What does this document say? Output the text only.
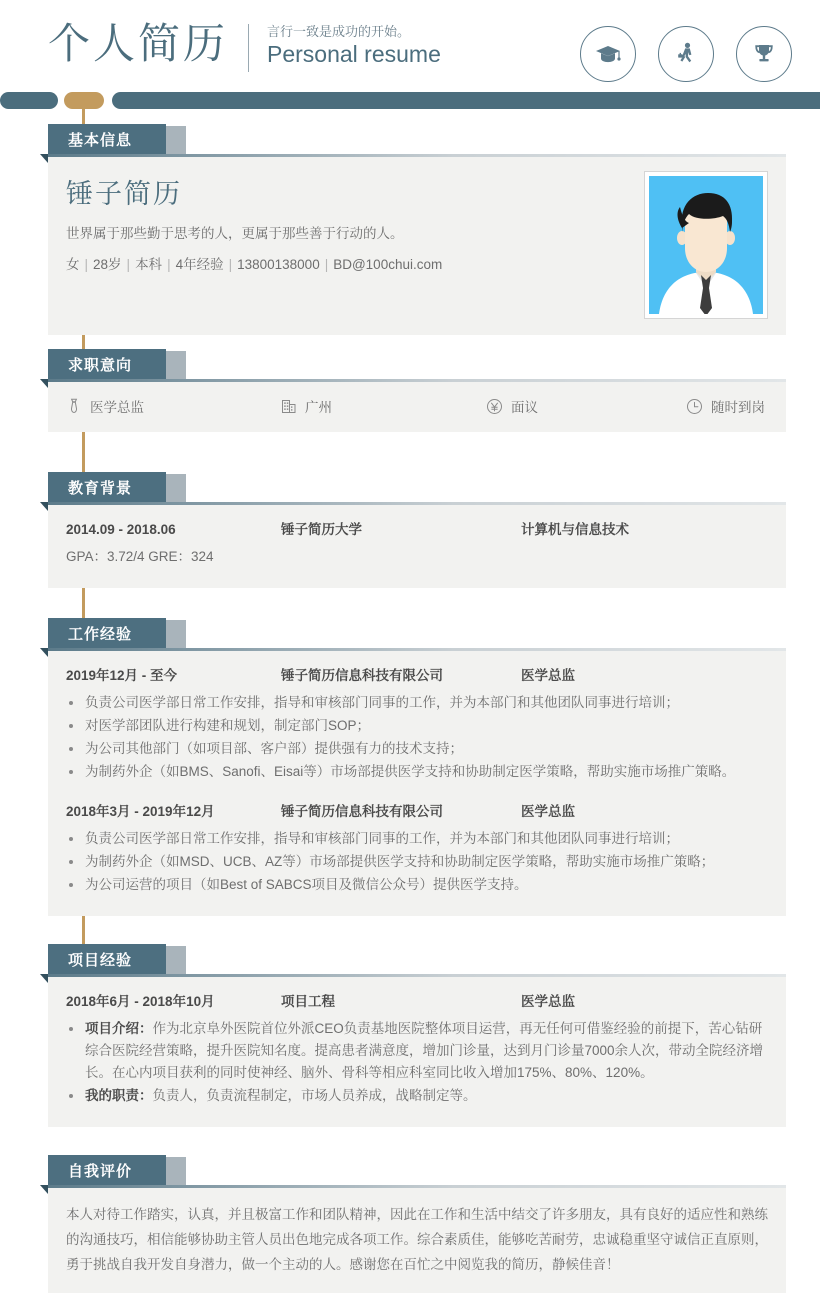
个人简历	言行一致是成功的开始。
Personal resume
基本信息
锤子简历
世界属于那些勤于思考的人，更属于那些善于行动的人。
女 | 28岁 | 本科 | 4年经验 | 13800138000 | BD@100chui.com
求职意向
医学总监	广州	面议	随时到岗
教育背景
2014.09 - 2018.06	锤子简历大学	计算机与信息技术
GPA：3.72/4 GRE：324
工作经验
2019年12月 - 至今	锤子简历信息科技有限公司	医学总监
负责公司医学部日常工作安排，指导和审核部门同事的工作，并为本部门和其他团队同事进行培训；
对医学部团队进行构建和规划，制定部门SOP；
为公司其他部门（如项目部、客户部）提供强有力的技术支持；
为制药外企（如BMS、Sanofi、Eisai等）市场部提供医学支持和协助制定医学策略，帮助实施市场推广策略。
2018年3月 - 2019年12月	锤子简历信息科技有限公司	医学总监
负责公司医学部日常工作安排，指导和审核部门同事的工作，并为本部门和其他团队同事进行培训；
为制药外企（如MSD、UCB、AZ等）市场部提供医学支持和协助制定医学策略，帮助实施市场推广策略；
为公司运营的项目（如Best of SABCS项目及微信公众号）提供医学支持。
项目经验
2018年6月 - 2018年10月	项目工程	医学总监
项目介绍：作为北京阜外医院首位外派CEO负责基地医院整体项目运营，再无任何可借鉴经验的前提下，苦心钻研综合医院经营策略，提升医院知名度。提高患者满意度，增加门诊量，达到月门诊量7000余人次，带动全院经济增长。在心内项目获利的同时使神经、脑外、骨科等相应科室同比收入增加175%、80%、120%。
我的职责：负责人，负责流程制定，市场人员养成，战略制定等。
自我评价

本人对待工作踏实，认真，并且极富工作和团队精神，因此在工作和生活中结交了许多朋友，具有良好的适应性和熟练的沟通技巧，相信能够协助主管人员出色地完成各项工作。综合素质佳，能够吃苦耐劳，忠诚稳重坚守诚信正直原则，勇于挑战自我开发自身潜力，做一个主动的人。感谢您在百忙之中阅览我的简历，静候佳音！
